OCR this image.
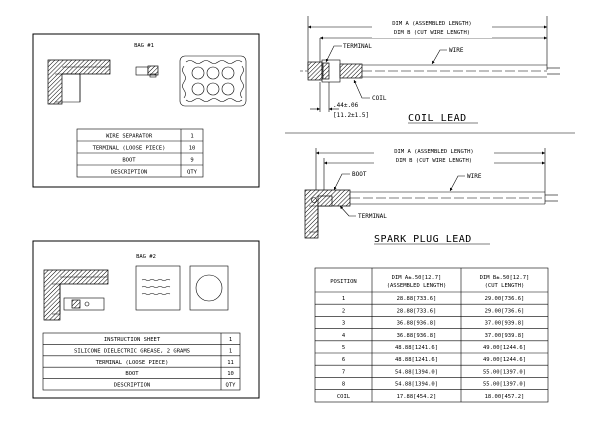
BAG #1
WIRE SEPARATOR	1
TERMINAL (LOOSE PIECE)	10
BOOT	9
DESCRIPTION	QTY
BAG #2
INSTRUCTION SHEET	1
SILICONE DIELECTRIC GREASE, 2 GRAMS	1
TERMINAL (LOOSE PIECE)	11
BOOT	10
DESCRIPTION	QTY
DIM A (ASSEMBLED LENGTH)
DIM B (CUT WIRE LENGTH)
TERMINAL
WIRE
COIL
.44±.06
[11.2±1.5]	COIL LEAD
DIM A (ASSEMBLED LENGTH)
DIM B (CUT WIRE LENGTH)
BOOT	WIRE
TERMINAL
SPARK PLUG LEAD
POSITION
DIM A±.50[12.7]
(ASSEMBLED LENGTH)
DIM B±.50[12.7]
(CUT LENGTH)
1	28.88[733.6]	29.00[736.6]
2	28.88[733.6]	29.00[736.6]
3	36.88[936.8]	37.00[939.8]
4	36.88[936.8]	37.00[939.8]
5	48.88[1241.6]	49.00[1244.6]
6	48.88[1241.6]	49.00[1244.6]
7	54.88[1394.0]	55.00[1397.0]
8	54.88[1394.0]	55.00[1397.0]
COIL	17.88[454.2]	18.00[457.2]
